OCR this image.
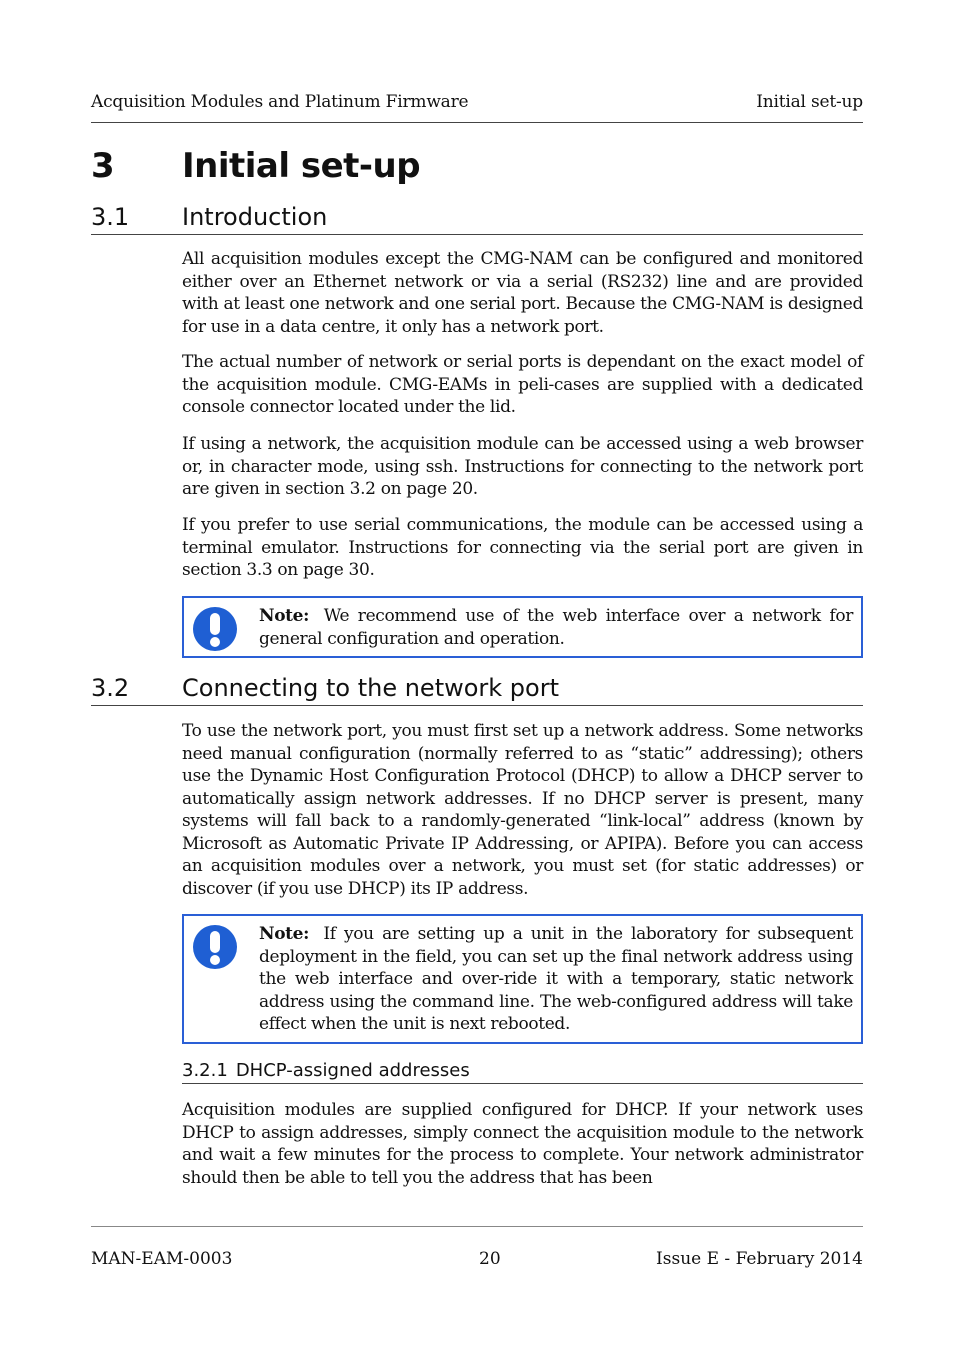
Acquisition Modules and Platinum Firmware	Initial set-up
3	Initial set-up
3.1	Introduction

All acquisition modules except the CMG-NAM can be configured and monitored either over an Ethernet network or via a serial (RS232) line and are provided with at least one network and one serial port. Because the CMG-NAM is designed for use in a data centre, it only has a network port.

The actual number of network or serial ports is dependant on the exact model of the acquisition module. CMG-EAMs in peli-cases are supplied with a dedicated console connector located under the lid.

If using a network, the acquisition module can be accessed using a web browser or, in character mode, using ssh. Instructions for connecting to the network port are given in section 3.2 on page 20.

If you prefer to use serial communications, the module can be accessed using a terminal emulator. Instructions for connecting via the serial port are given in section 3.3 on page 30.

Note: We recommend use of the web interface over a network for general configuration and operation.
3.2	Connecting to the network port

To use the network port, you must first set up a network address. Some networks need manual configuration (normally referred to as “static” addressing); others use the Dynamic Host Configuration Protocol (DHCP) to allow a DHCP server to automatically assign network addresses. If no DHCP server is present, many systems will fall back to a randomly-generated “link-local” address (known by Microsoft as Automatic Private IP Addressing, or APIPA). Before you can access an acquisition modules over a network, you must set (for static addresses) or discover (if you use DHCP) its IP address.

Note: If you are setting up a unit in the laboratory for subsequent deployment in the field, you can set up the final network address using the web interface and over-ride it with a temporary, static network address using the command line. The web-configured address will take effect when the unit is next rebooted.
3.2.1 DHCP-assigned addresses

Acquisition modules are supplied configured for DHCP. If your network uses DHCP to assign addresses, simply connect the acquisition module to the network and wait a few minutes for the process to complete. Your network administrator should then be able to tell you the address that has been

MAN-EAM-0003	20	Issue E - February 2014
